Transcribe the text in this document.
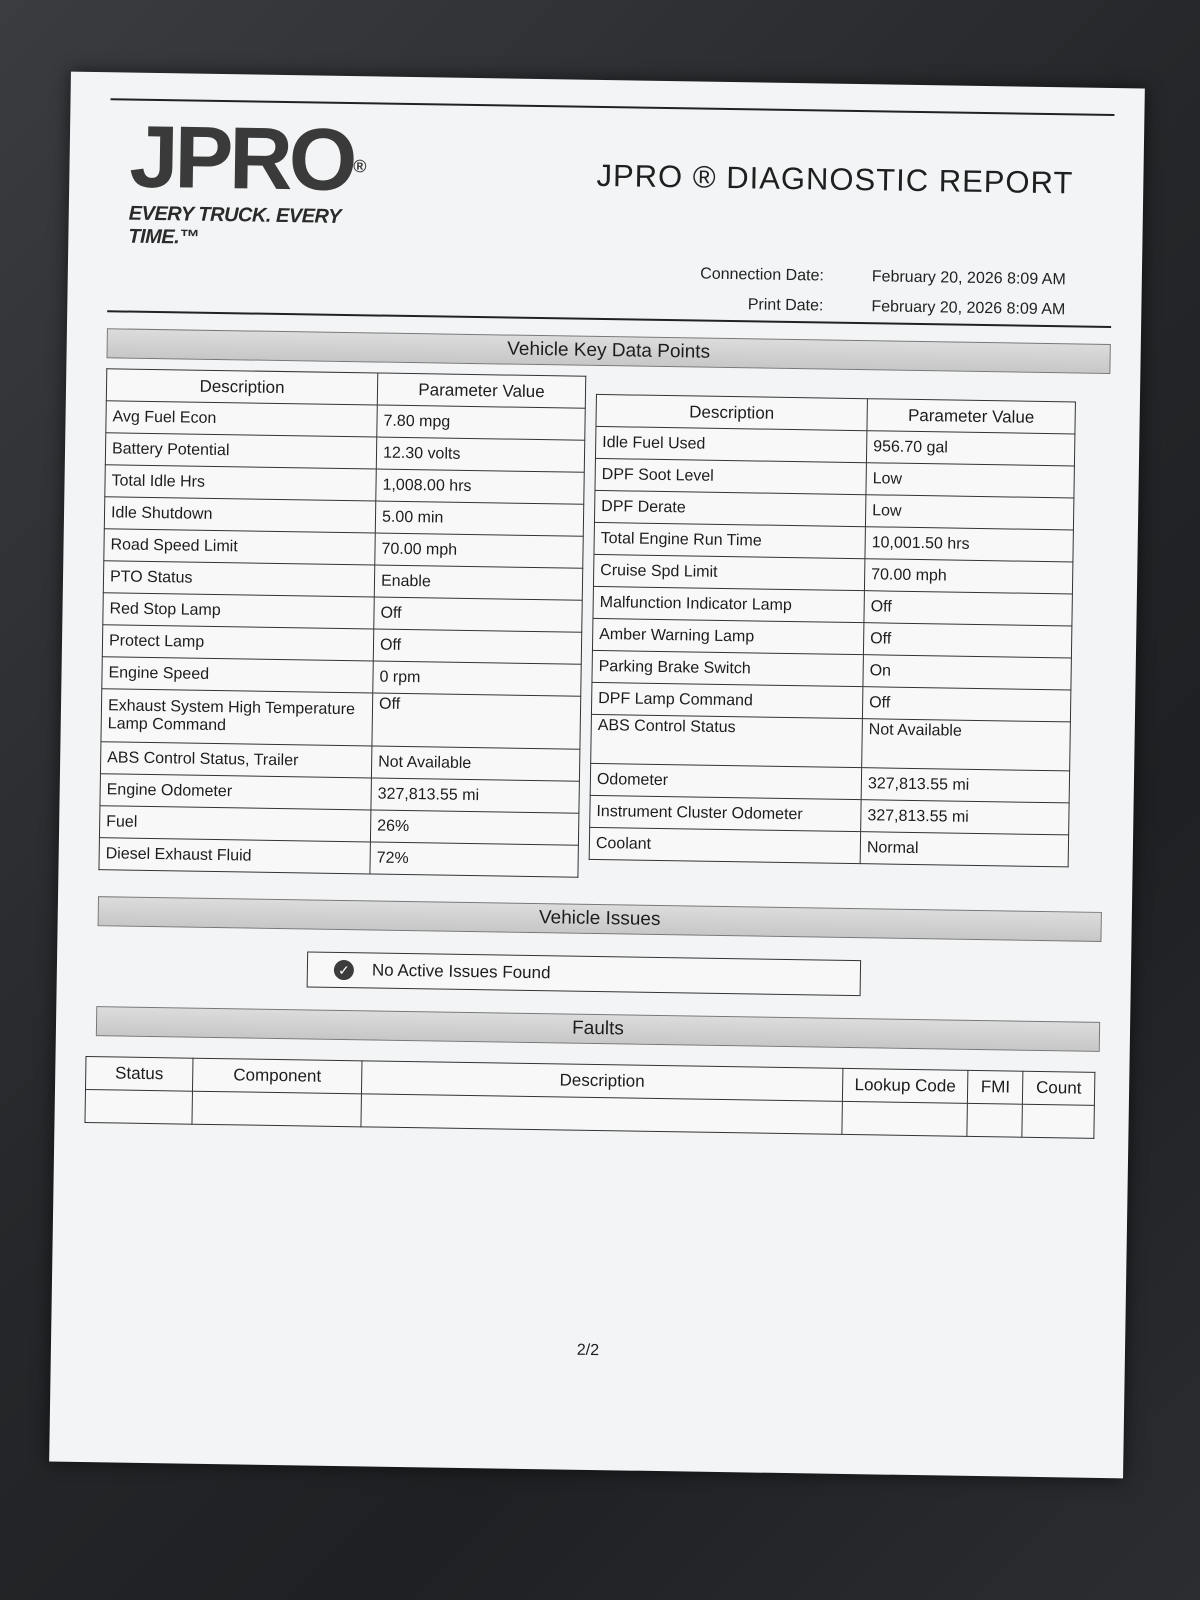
JPRO®
EVERY TRUCK. EVERY TIME.™
JPRO ® DIAGNOSTIC REPORT
Connection Date:	February 20, 2026 8:09 AM
Print Date:	February 20, 2026 8:09 AM
Vehicle Key Data Points
Description	Parameter Value
Avg Fuel Econ	7.80 mpg
Battery Potential	12.30 volts
Total Idle Hrs	1,008.00 hrs
Idle Shutdown	5.00 min
Road Speed Limit	70.00 mph
PTO Status	Enable
Red Stop Lamp	Off
Protect Lamp	Off
Engine Speed	0 rpm
Exhaust System High Temperature Lamp Command	Off
ABS Control Status, Trailer	Not Available
Engine Odometer	327,813.55 mi
Fuel	26%
Diesel Exhaust Fluid	72%
Description	Parameter Value
Idle Fuel Used	956.70 gal
DPF Soot Level	Low
DPF Derate	Low
Total Engine Run Time	10,001.50 hrs
Cruise Spd Limit	70.00 mph
Malfunction Indicator Lamp	Off
Amber Warning Lamp	Off
Parking Brake Switch	On
DPF Lamp Command	Off
ABS Control Status	Not Available
Odometer	327,813.55 mi
Instrument Cluster Odometer	327,813.55 mi
Coolant	Normal
Vehicle Issues
✓ No Active Issues Found
Faults
Status	Component	Description	Lookup Code	FMI	Count

2/2
